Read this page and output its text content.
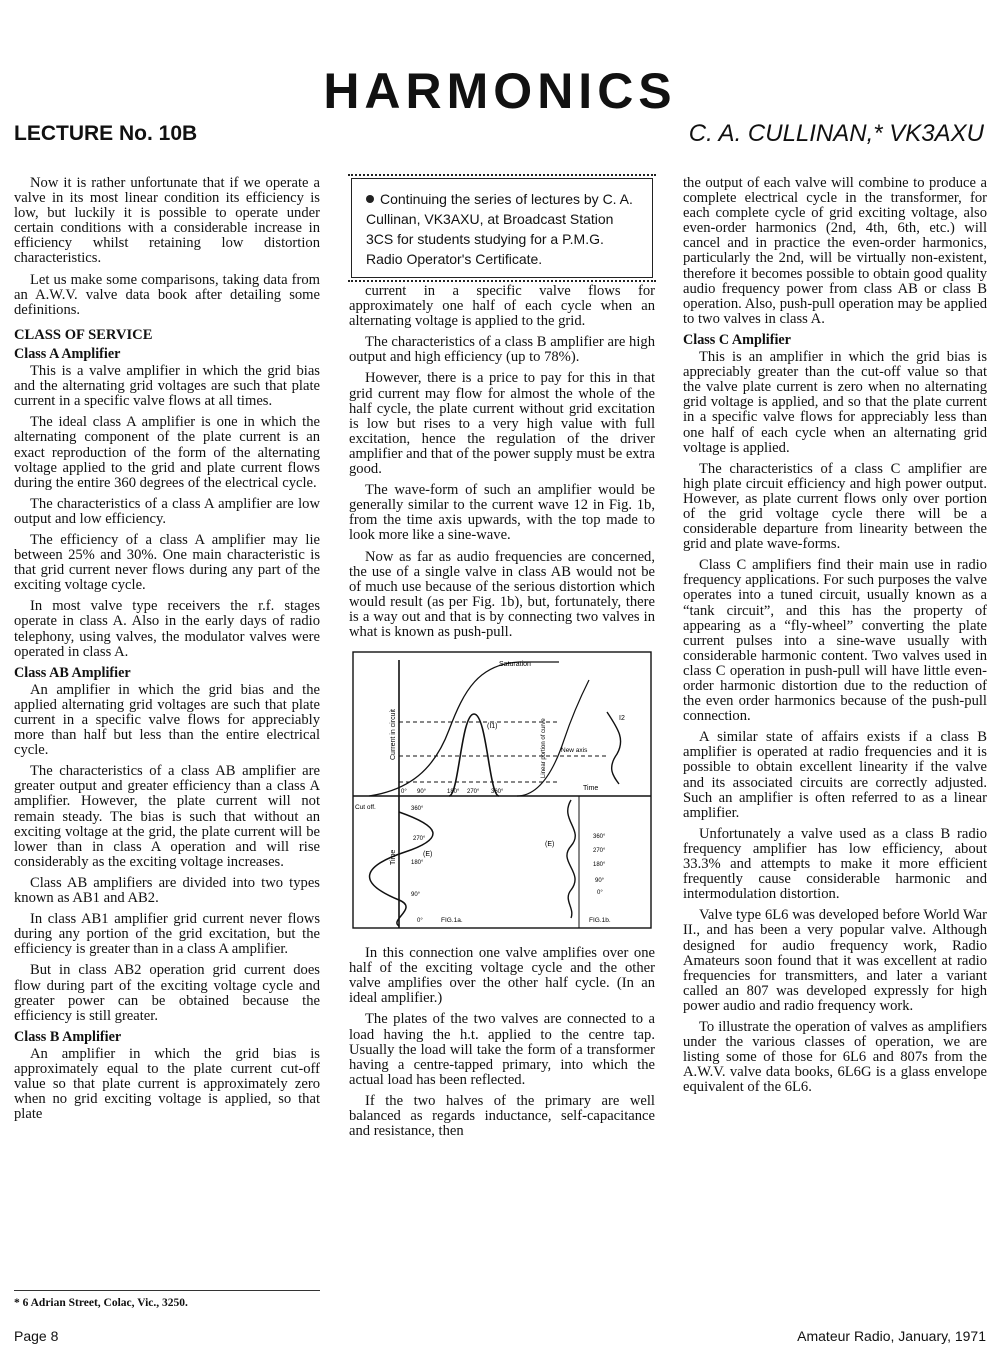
HARMONICS
LECTURE No. 10B	C. A. CULLINAN,* VK3AXU

Now it is rather unfortunate that if we operate a valve in its most linear condition its efficiency is low, but luckily it is possible to operate under certain conditions with a considerable increase in efficiency whilst retaining low distortion characteristics.

Let us make some comparisons, taking data from an A.W.V. valve data book after detailing some definitions.

CLASS OF SERVICE
Class A Amplifier

This is a valve amplifier in which the grid bias and the alternating grid voltages are such that plate current in a specific valve flows at all times.

The ideal class A amplifier is one in which the alternating component of the plate current is an exact reproduction of the form of the alternating voltage applied to the grid and plate current flows during the entire 360 degrees of the electrical cycle.

The characteristics of a class A amplifier are low output and low efficiency.

The efficiency of a class A amplifier may lie between 25% and 30%. One main characteristic is that grid current never flows during any part of the exciting voltage cycle.

In most valve type receivers the r.f. stages operate in class A. Also in the early days of radio telephony, using valves, the modulator valves were operated in class A.

Class AB Amplifier

An amplifier in which the grid bias and the applied alternating grid voltages are such that plate current in a specific valve flows for appreciably more than half but less than the entire electrical cycle.

The characteristics of a class AB amplifier are greater output and greater efficiency than a class A amplifier. However, the plate current will not remain steady. The bias is such that without an exciting voltage at the grid, the plate current will be lower than in class A operation and will rise considerably as the exciting voltage increases.

Class AB amplifiers are divided into two types known as AB1 and AB2.

In class AB1 amplifier grid current never flows during any portion of the grid excitation, but the efficiency is greater than in a class A amplifier.

But in class AB2 operation grid current does flow during part of the exciting voltage cycle and greater power can be obtained because the efficiency is still greater.

Class B Amplifier

An amplifier in which the grid bias is approximately equal to the plate current cut-off value so that plate current is approximately zero when no grid exciting voltage is applied, so that plate

Continuing the series of lectures by C. A. Cullinan, VK3AXU, at Broadcast Station 3CS for students studying for a P.M.G. Radio Operator's Certificate.

current in a specific valve flows for approximately one half of each cycle when an alternating voltage is applied to the grid.

The characteristics of a class B amplifier are high output and high efficiency (up to 78%).

However, there is a price to pay for this in that grid current may flow for almost the whole of the half cycle, the plate current without grid excitation is low but rises to a very high value with full excitation, hence the regulation of the driver amplifier and that of the power supply must be extra good.

The wave-form of such an amplifier would be generally similar to the current wave 12 in Fig. 1b, from the time axis upwards, with the top made to look more like a sine-wave.

Now as far as audio frequencies are concerned, the use of a single valve in class AB would not be of much use because of the serious distortion which would result (as per Fig. 1b), but, fortunately, there is a way out and that is by connecting two valves in what is known as push-pull.

Saturation
Current in circuit	(I1)	Linear portion of curve New axis
I2
Time
Cut off.
Time	(E)
(E)
0° 90°	180° 270° 360°
360°
270°
180°
90°
0°
360°
270°
180°
90°
0°
FIG.1a.	FIG.1b.

In this connection one valve amplifies over one half of the exciting voltage cycle and the other valve amplifies over the other half cycle. (In an ideal amplifier.)

The plates of the two valves are connected to a load having the h.t. applied to the centre tap. Usually the load will take the form of a transformer having a centre-tapped primary, into which the actual load has been reflected.

If the two halves of the primary are well balanced as regards inductance, self-capacitance and resistance, then

the output of each valve will combine to produce a complete electrical cycle in the transformer, for each complete cycle of grid exciting voltage, also even-order harmonics (2nd, 4th, 6th, etc.) will cancel and in practice the even-order harmonics, particularly the 2nd, will be virtually non-existent, therefore it becomes possible to obtain good quality audio frequency power from class AB or class B operation. Also, push-pull operation may be applied to two valves in class A.

Class C Amplifier

This is an amplifier in which the grid bias is appreciably greater than the cut-off value so that the valve plate current is zero when no alternating grid voltage is applied, and so that the plate current in a specific valve flows for appreciably less than one half of each cycle when an alternating grid voltage is applied.

The characteristics of a class C amplifier are high plate circuit efficiency and high power output. However, as plate current flows only over portion of the grid voltage cycle there will be a considerable departure from linearity between the grid and plate wave-forms.

Class C amplifiers find their main use in radio frequency applications. For such purposes the valve operates into a tuned circuit, usually known as a “tank circuit”, and this has the property of appearing as a “fly-wheel” converting the plate current pulses into a sine-wave usually with considerable harmonic content. Two valves used in class C operation in push-pull will have little even-order harmonic distortion due to the reduction of the even order harmonics because of the push-pull connection.

A similar state of affairs exists if a class B amplifier is operated at radio frequencies and it is possible to obtain excellent linearity if the valve and its associated circuits are correctly adjusted. Such an amplifier is often referred to as a linear amplifier.

Unfortunately a valve used as a class B radio frequency amplifier has low efficiency, about 33.3% and attempts to make it more efficient frequently cause considerable harmonic and intermodulation distortion.

Valve type 6L6 was developed before World War II., and has been a very popular valve. Although designed for audio frequency work, Radio Amateurs soon found that it was excellent at radio frequencies for transmitters, and later a variant called an 807 was developed expressly for high power audio and radio frequency work.

To illustrate the operation of valves as amplifiers under the various classes of operation, we are listing some of those for 6L6 and 807s from the A.W.V. valve data books, 6L6G is a glass envelope equivalent of the 6L6.

* 6 Adrian Street, Colac, Vic., 3250.
Page 8	Amateur Radio, January, 1971
